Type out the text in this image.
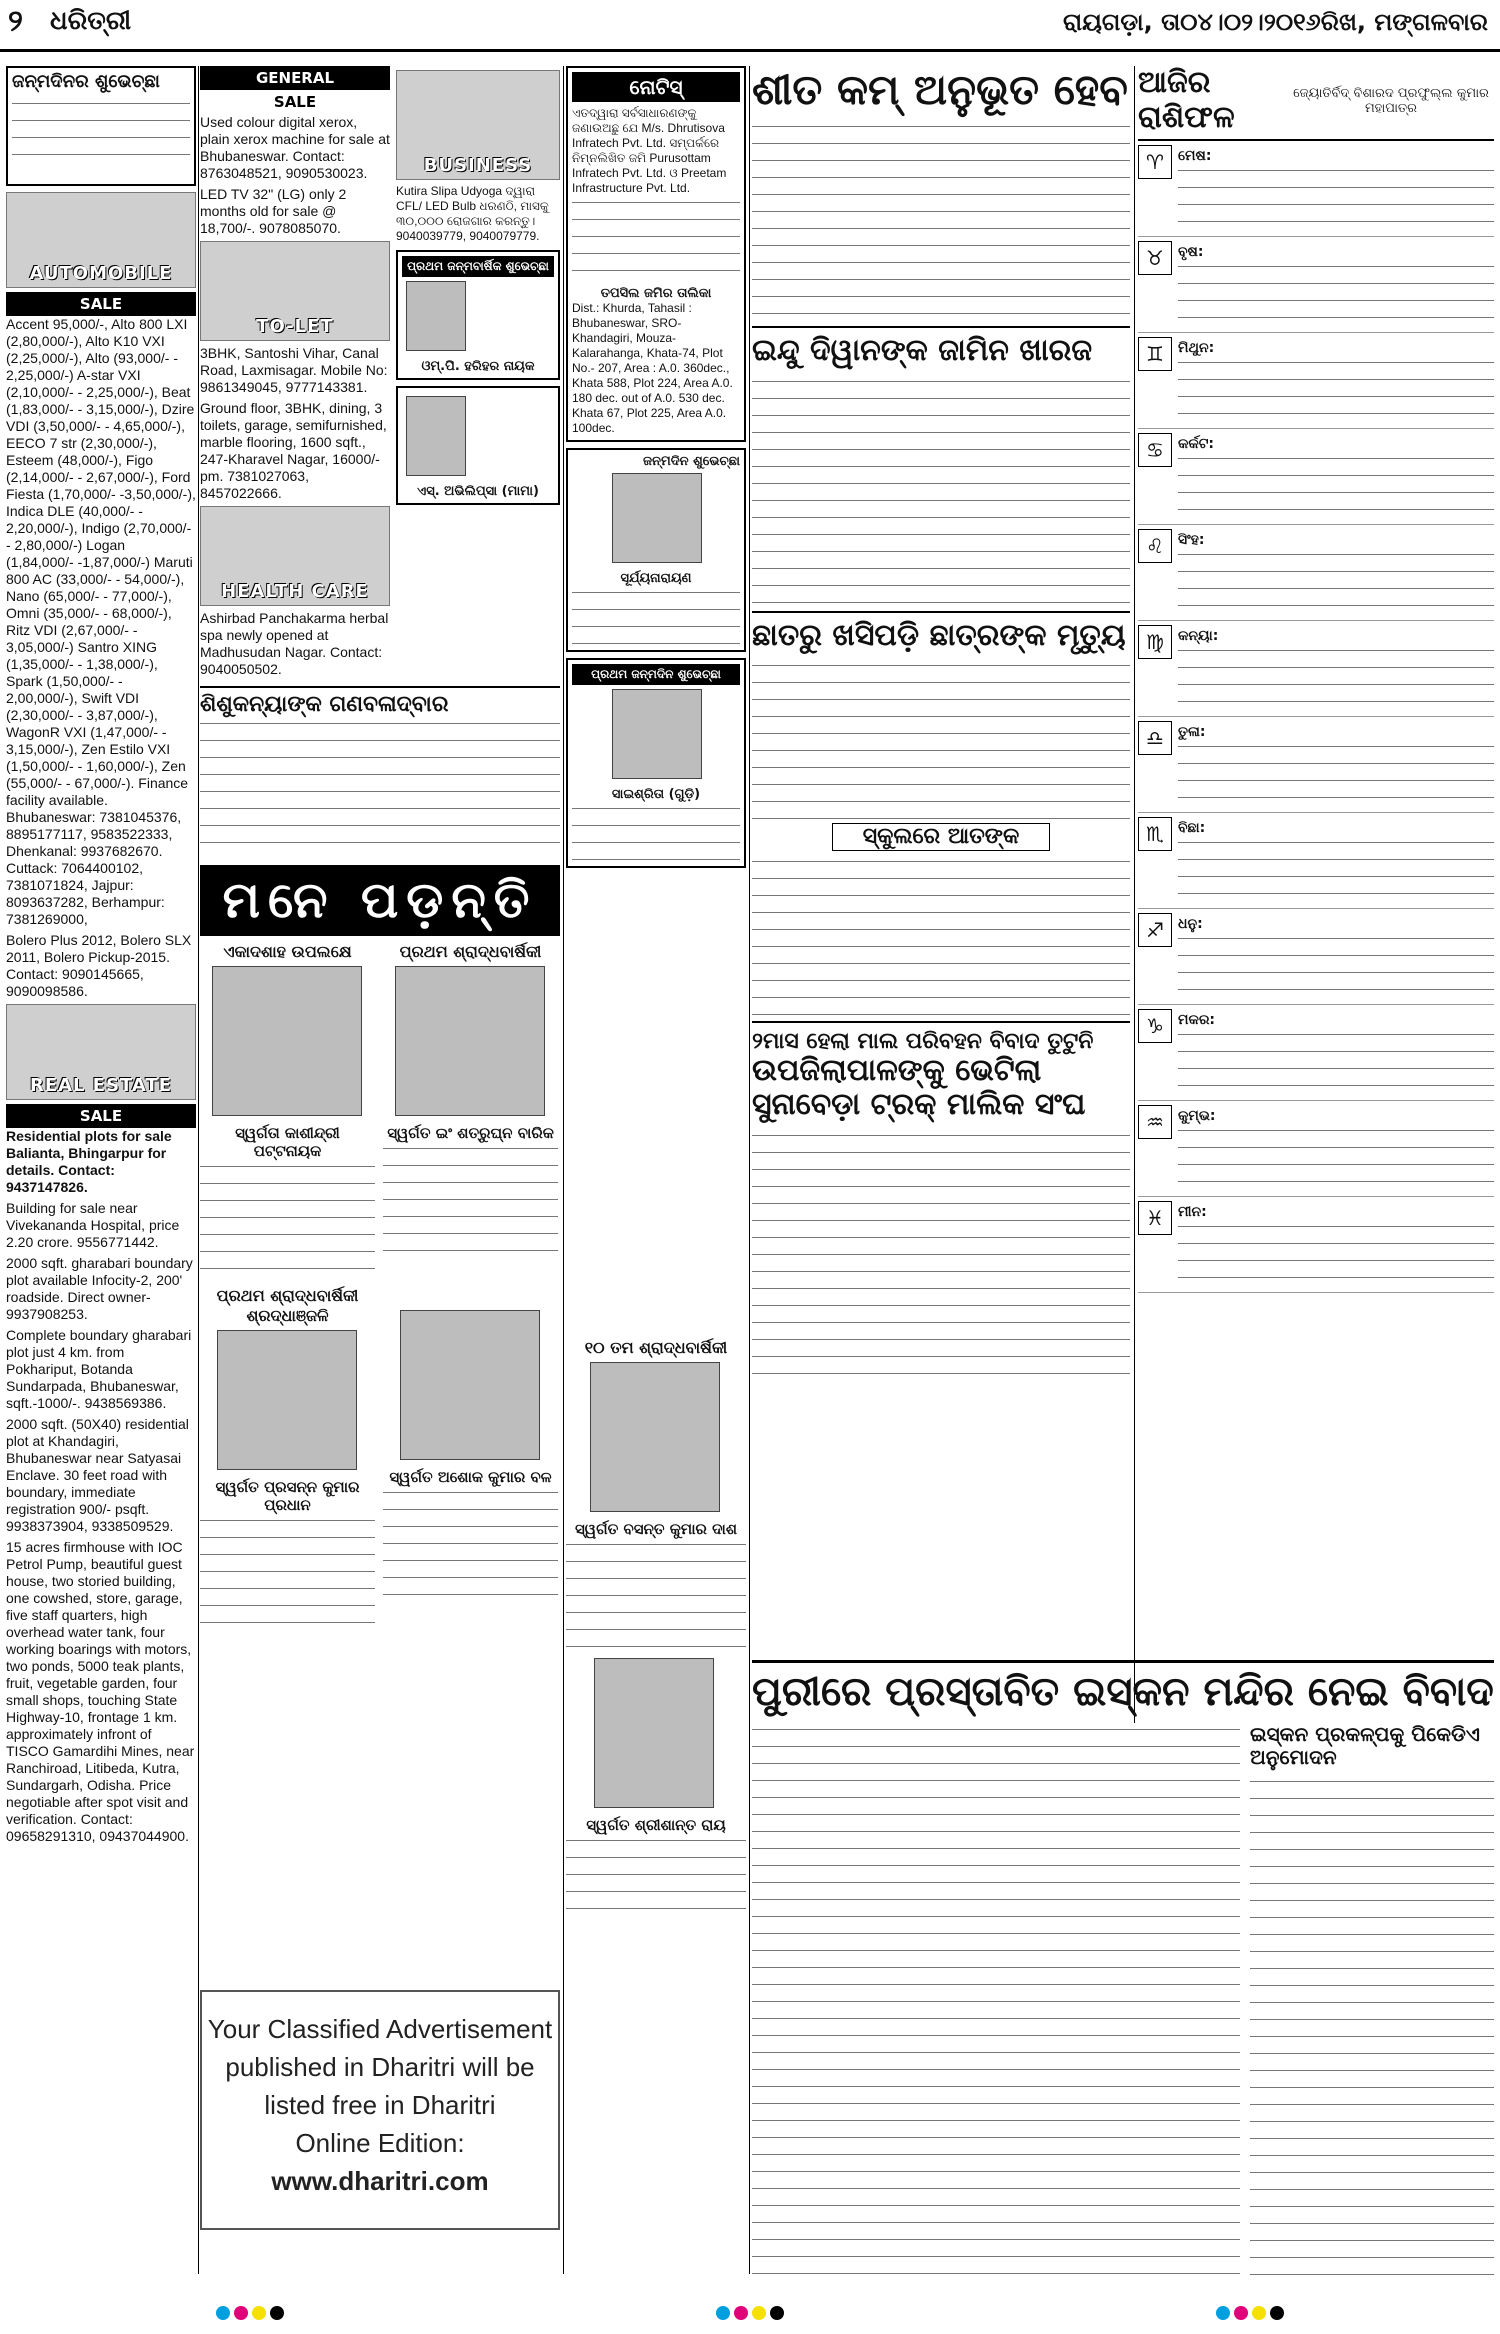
୨ ଧରିତ୍ରୀ	ରାୟଗଡ଼ା, ତା୦୪।୦୨।୨୦୧୬ରିଖ, ମଙ୍ଗଳବାର
ଜନ୍ମଦିନର ଶୁଭେଚ୍ଛା
AUTOMOBILE
SALE
Accent 95,000/-, Alto 800 LXI (2,80,000/-), Alto K10 VXI (2,25,000/-), Alto (93,000/- - 2,25,000/-) A-star VXI (2,10,000/- - 2,25,000/-), Beat (1,83,000/- - 3,15,000/-), Dzire VDI (3,50,000/- - 4,65,000/-), EECO 7 str (2,30,000/-), Esteem (48,000/-), Figo (2,14,000/- - 2,67,000/-), Ford Fiesta (1,70,000/- -3,50,000/-), Indica DLE (40,000/- - 2,20,000/-), Indigo (2,70,000/- - 2,80,000/-) Logan (1,84,000/- -1,87,000/-) Maruti 800 AC (33,000/- - 54,000/-), Nano (65,000/- - 77,000/-), Omni (35,000/- - 68,000/-), Ritz VDI (2,67,000/- - 3,05,000/-) Santro XING (1,35,000/- - 1,38,000/-), Spark (1,50,000/- - 2,00,000/-), Swift VDI (2,30,000/- - 3,87,000/-), WagonR VXI (1,47,000/- - 3,15,000/-), Zen Estilo VXI (1,50,000/- - 1,60,000/-), Zen (55,000/- - 67,000/-). Finance facility available. Bhubaneswar: 7381045376, 8895177117, 9583522333, Dhenkanal: 9937682670. Cuttack: 7064400102, 7381071824, Jajpur: 8093637282, Berhampur: 7381269000,
Bolero Plus 2012, Bolero SLX 2011, Bolero Pickup-2015. Contact: 9090145665, 9090098586.
REAL ESTATE
SALE
Residential plots for sale Balianta, Bhingarpur for details. Contact: 9437147826.
Building for sale near Vivekananda Hospital, price 2.20 crore. 9556771442.
2000 sqft. gharabari boundary plot available Infocity-2, 200' roadside. Direct owner- 9937908253.
Complete boundary gharabari plot just 4 km. from Pokhariput, Botanda Sundarpada, Bhubaneswar, sqft.-1000/-. 9438569386.
2000 sqft. (50X40) residential plot at Khandagiri, Bhubaneswar near Satyasai Enclave. 30 feet road with boundary, immediate registration 900/- psqft. 9938373904, 9338509529.
15 acres firmhouse with IOC Petrol Pump, beautiful guest house, two storied building, one cowshed, store, garage, five staff quarters, high overhead water tank, four working boarings with motors, two ponds, 5000 teak plants, fruit, vegetable garden, four small shops, touching State Highway-10, frontage 1 km. approximately infront of TISCO Gamardihi Mines, near Ranchiroad, Litibeda, Kutra, Sundargarh, Odisha. Price negotiable after spot visit and verification. Contact: 09658291310, 09437044900.
GENERAL
SALE
Used colour digital xerox, plain xerox machine for sale at Bhubaneswar. Contact: 8763048521, 9090530023.
LED TV 32" (LG) only 2 months old for sale @ 18,700/-. 9078085070.
TO-LET
3BHK, Santoshi Vihar, Canal Road, Laxmisagar. Mobile No: 9861349045, 9777143381.
Ground floor, 3BHK, dining, 3 toilets, garage, semifurnished, marble flooring, 1600 sqft., 247-Kharavel Nagar, 16000/- pm. 7381027063, 8457022666.
HEALTH CARE
Ashirbad Panchakarma herbal spa newly opened at Madhusudan Nagar. Contact: 9040050502.
BUSINESS
Kutira Slipa Udyoga ଦ୍ୱାରା CFL/ LED Bulb ଧରଣଠି, ମାସକୁ ୩୦,୦୦୦ ରୋଜଗାର କରନ୍ତୁ। 9040039779, 9040079779.
ପ୍ରଥମ ଜନ୍ମବାର୍ଷିକ ଶୁଭେଚ୍ଛା
ଓମ୍.ପି. ହରିହର ନାୟକ
ଏସ୍. ଅଭିଲିପ୍ସା (ମାମା)
ଶିଶୁକନ୍ୟାଙ୍କ ଗଣବଳାଦ୍ବାର
ମନେ ପଡ଼ନ୍ତି
ଏକାଦଶାହ ଉପଲକ୍ଷେ
ସ୍ୱର୍ଗତା କାଶୀନ୍ଦ୍ରୀ ପଟ୍ଟନାୟକ
ପ୍ରଥମ ଶ୍ରାଦ୍ଧବାର୍ଷିକୀ
ସ୍ୱର୍ଗତ ଇଂ ଶତ୍ରୁଘ୍ନ ବାରିକ
ପ୍ରଥମ ଶ୍ରାଦ୍ଧବାର୍ଷିକୀ ଶ୍ରଦ୍ଧାଞ୍ଜଳି
ସ୍ୱର୍ଗତ ପ୍ରସନ୍ନ କୁମାର ପ୍ରଧାନ
ସ୍ୱର୍ଗତ ଅଶୋକ କୁମାର ବଳ
ନୋଟିସ୍
ଏତଦ୍ୱାରା ସର୍ବସାଧାରଣଙ୍କୁ ଜଣାଉଅଛୁ ଯେ M/s. Dhrutisova Infratech Pvt. Ltd. ସମ୍ପର୍କରେ ନିମ୍ନଲିଖିତ ଜମି Purusottam Infratech Pvt. Ltd. ଓ Preetam Infrastructure Pvt. Ltd.
ତପସିଲ ଜମିର ତାଲିକା
Dist.: Khurda, Tahasil : Bhubaneswar, SRO- Khandagiri, Mouza- Kalarahanga, Khata-74, Plot No.- 207, Area : A.0. 360dec., Khata 588, Plot 224, Area A.0. 180 dec. out of A.0. 530 dec. Khata 67, Plot 225, Area A.0. 100dec.
ଜନ୍ମଦିନ ଶୁଭେଚ୍ଛା
ସୂର୍ଯ୍ୟନାରାୟଣ
ପ୍ରଥମ ଜନ୍ମଦିନ ଶୁଭେଚ୍ଛା
ସାଇଶ୍ରିତା (ଗୁଡ଼ି)
୧୦ ତମ ଶ୍ରାଦ୍ଧବାର୍ଷିକୀ
ସ୍ୱର୍ଗତ ବସନ୍ତ କୁମାର ଦାଶ
ସ୍ୱର୍ଗତ ଶ୍ରୀଶାନ୍ତ ରାୟ
Your Classified Advertisement
published in Dharitri will be
listed free in Dharitri
Online Edition:
www.dharitri.com
ଶୀତ କମ୍ ଅନୁଭୂତ ହେବ
ଇନ୍ଦୁ ଦିୱାନଙ୍କ ଜାମିନ ଖାରଜ
ଛାତରୁ ଖସିପଡ଼ି ଛାତ୍ରଙ୍କ ମୃତ୍ୟୁ
ସ୍କୁଲରେ ଆତଙ୍କ
୨ମାସ ହେଲା ମାଲ ପରିବହନ ବିବାଦ ତୁଟୁନି
ଉପଜିଲାପାଳଙ୍କୁ ଭେଟିଲା ସୁନାବେଡ଼ା ଟ୍ରକ୍ ମାଲିକ ସଂଘ
ଆଜିର ରାଶିଫଳ
ଜ୍ୟୋତିର୍ବିଦ୍ ବିଶାରଦ ପ୍ରଫୁଲ୍ଲ କୁମାର ମହାପାତ୍ର
♈	ମେଷ:
♉	ବୃଷ:
♊	ମିଥୁନ:
♋	କର୍କଟ:
♌	ସିଂହ:
♍	କନ୍ୟା:
♎	ତୁଳା:
♏	ବିଛା:
♐	ଧନୁ:
♑	ମକର:
♒	କୁମ୍ଭ:
♓	ମୀନ:
ପୁରୀରେ ପ୍ରସ୍ତାବିତ ଇସ୍କନ ମନ୍ଦିର ନେଇ ବିବାଦ
ଇସ୍କନ ପ୍ରକଳ୍ପକୁ ପିକେଡିଏ ଅନୁମୋଦନ
